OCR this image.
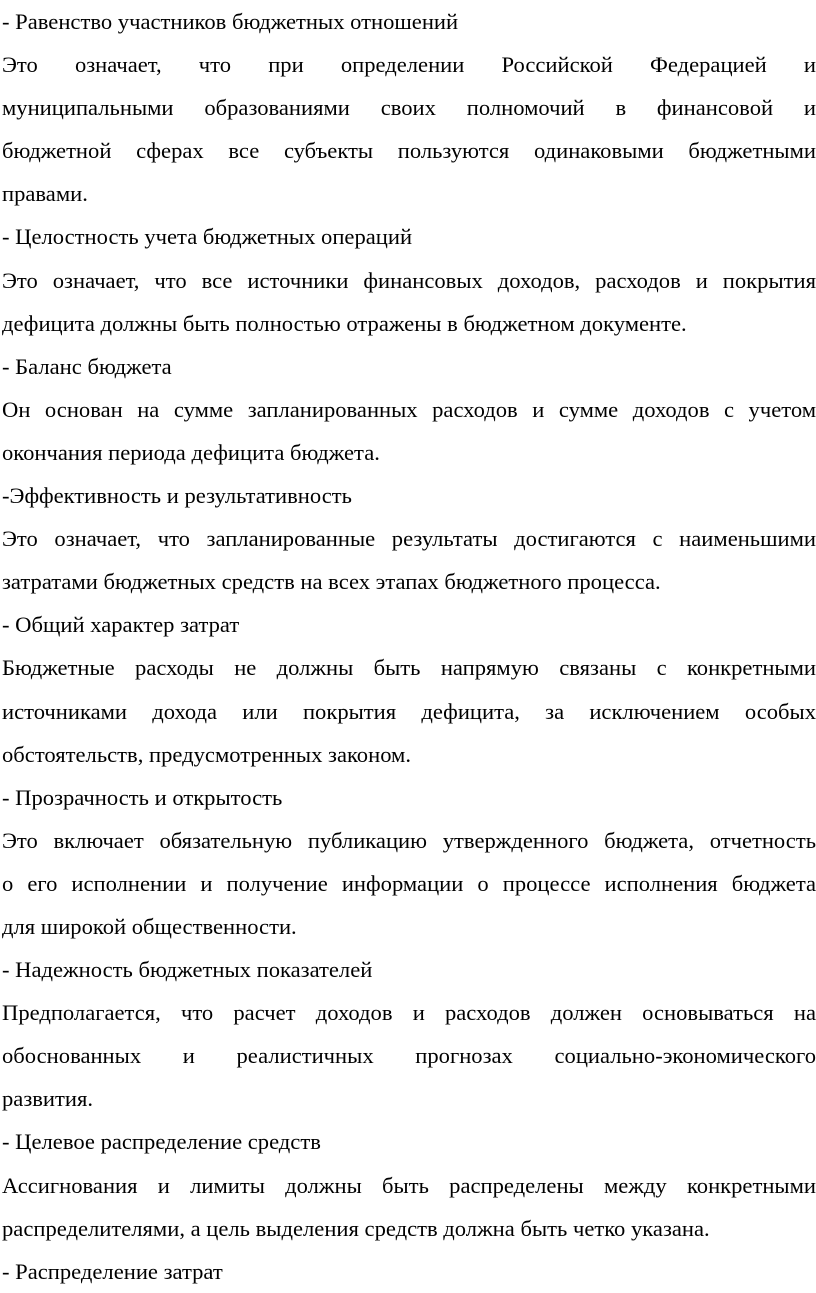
- Равенство участников бюджетных отношений
Это означает, что при определении Российской Федерацией и
муниципальными образованиями своих полномочий в финансовой и
бюджетной сферах все субъекты пользуются одинаковыми бюджетными
правами.
- Целостность учета бюджетных операций
Это означает, что все источники финансовых доходов, расходов и покрытия
дефицита должны быть полностью отражены в бюджетном документе.
- Баланс бюджета
Он основан на сумме запланированных расходов и сумме доходов с учетом
окончания периода дефицита бюджета.
-Эффективность и результативность
Это означает, что запланированные результаты достигаются с наименьшими
затратами бюджетных средств на всех этапах бюджетного процесса.
- Общий характер затрат
Бюджетные расходы не должны быть напрямую связаны с конкретными
источниками дохода или покрытия дефицита, за исключением особых
обстоятельств, предусмотренных законом.
- Прозрачность и открытость
Это включает обязательную публикацию утвержденного бюджета, отчетность
о его исполнении и получение информации о процессе исполнения бюджета
для широкой общественности.
- Надежность бюджетных показателей
Предполагается, что расчет доходов и расходов должен основываться на
обоснованных и реалистичных прогнозах социально-экономического
развития.
- Целевое распределение средств
Ассигнования и лимиты должны быть распределены между конкретными
распределителями, а цель выделения средств должна быть четко указана.
- Распределение затрат
